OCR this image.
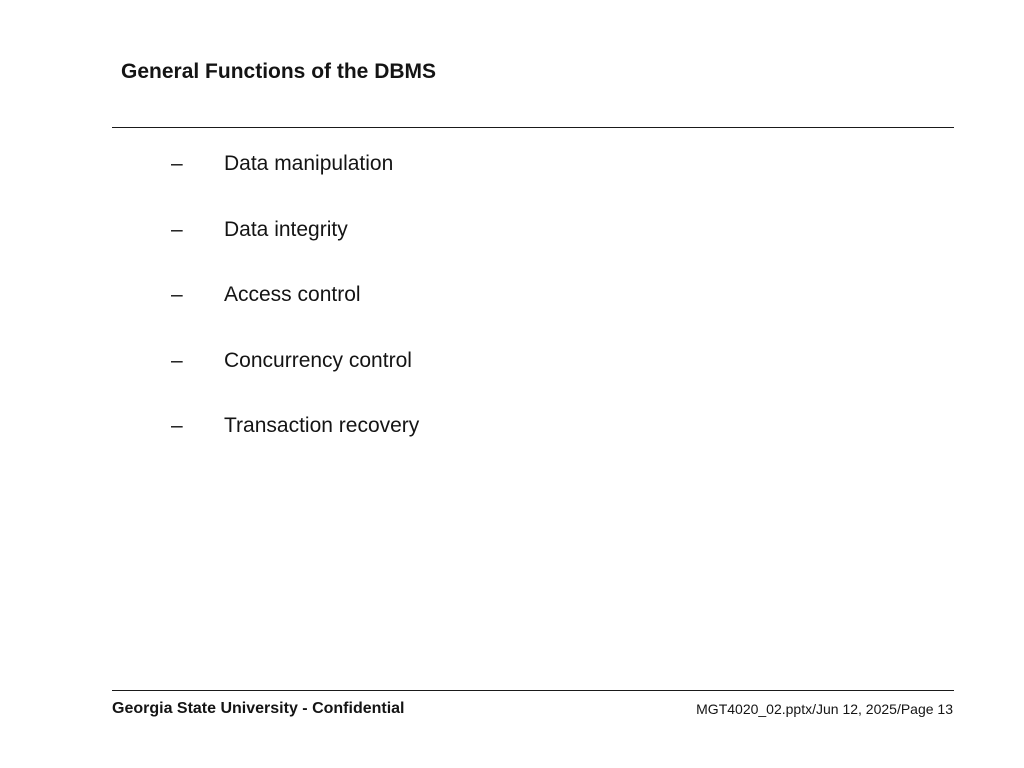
General Functions of the DBMS
– Data manipulation
– Data integrity
– Access control
– Concurrency control
– Transaction recovery
Georgia State University - Confidential	MGT4020_02.pptx/Jun 12, 2025/Page 13
